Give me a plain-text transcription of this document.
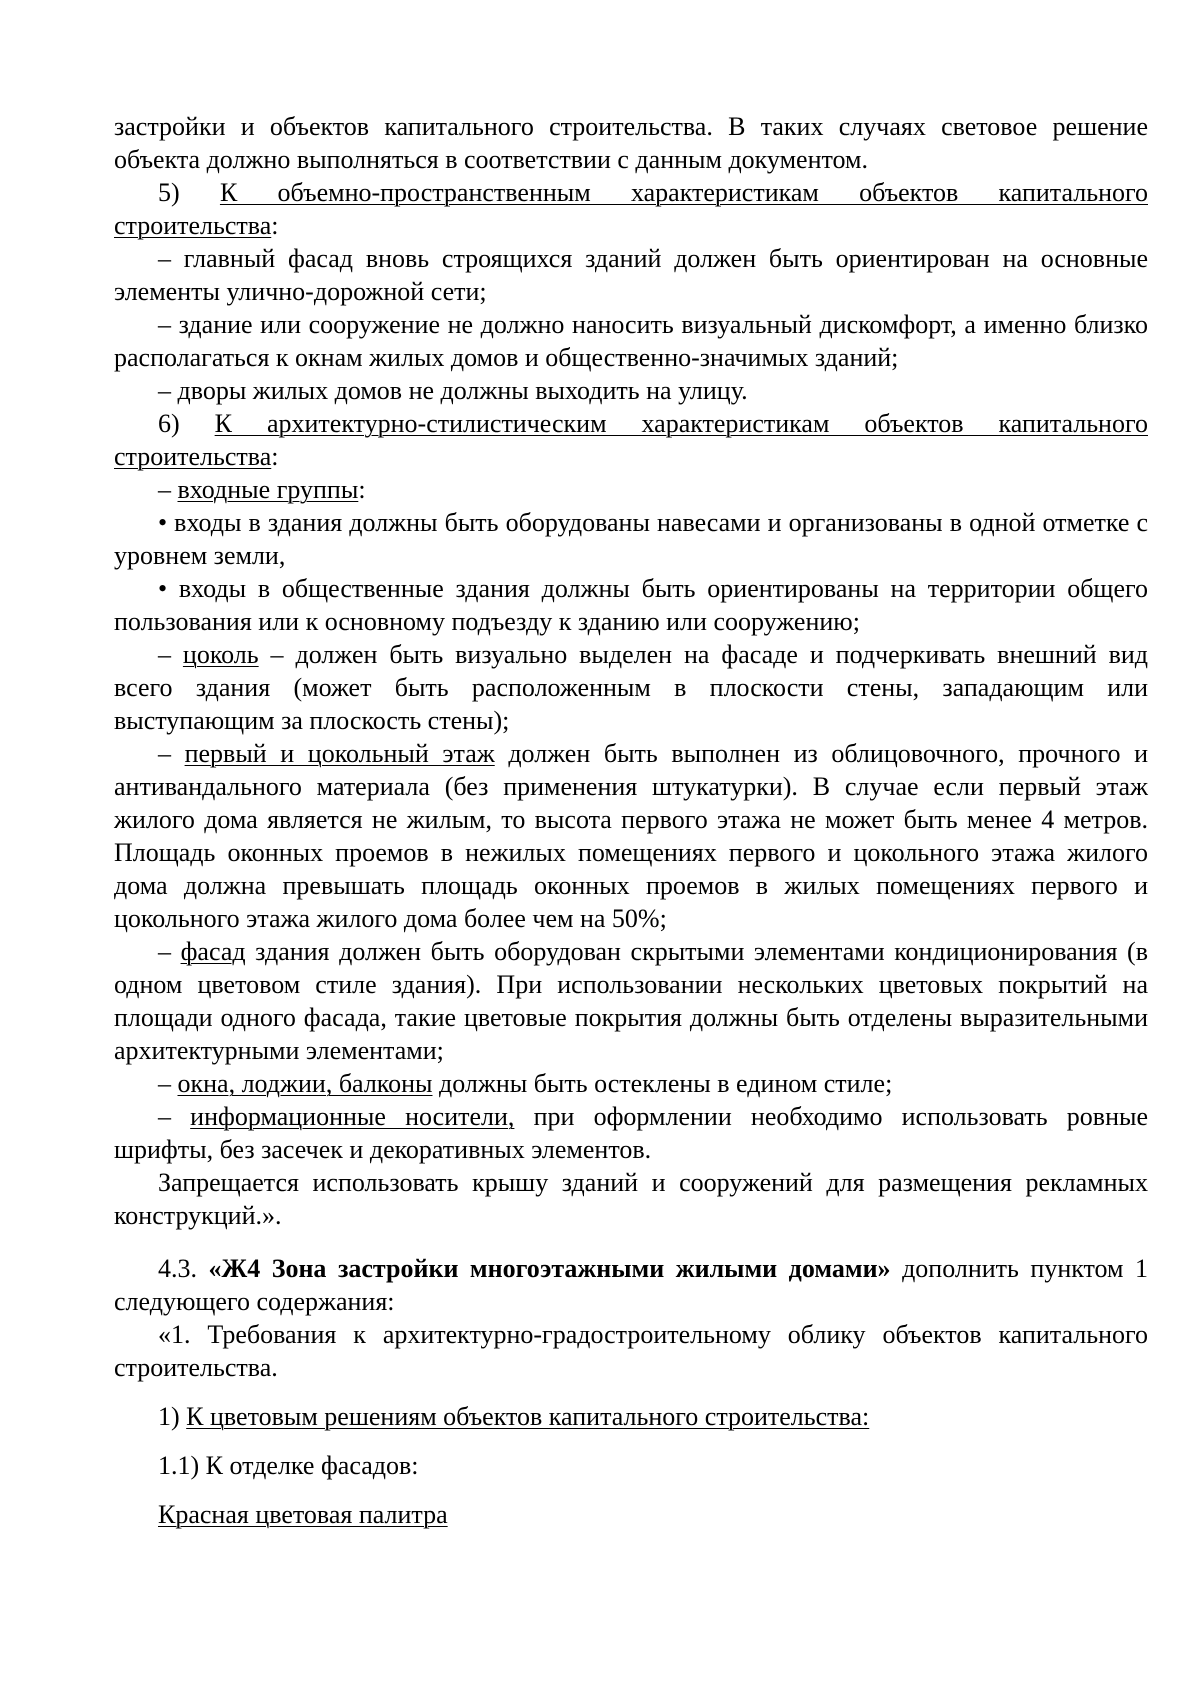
застройки и объектов капитального строительства. В таких случаях световое решение объекта должно выполняться в соответствии с данным документом.

5) К объемно-пространственным характеристикам объектов капитального строительства:

– главный фасад вновь строящихся зданий должен быть ориентирован на основные элементы улично-дорожной сети;

– здание или сооружение не должно наносить визуальный дискомфорт, а именно близко располагаться к окнам жилых домов и общественно-значимых зданий;

– дворы жилых домов не должны выходить на улицу.

6) К архитектурно-стилистическим характеристикам объектов капитального строительства:

– входные группы:

• входы в здания должны быть оборудованы навесами и организованы в одной отметке с уровнем земли,

• входы в общественные здания должны быть ориентированы на территории общего пользования или к основному подъезду к зданию или сооружению;

– цоколь – должен быть визуально выделен на фасаде и подчеркивать внешний вид всего здания (может быть расположенным в плоскости стены, западающим или выступающим за плоскость стены);

– первый и цокольный этаж должен быть выполнен из облицовочного, прочного и антивандального материала (без применения штукатурки). В случае если первый этаж жилого дома является не жилым, то высота первого этажа не может быть менее 4 метров. Площадь оконных проемов в нежилых помещениях первого и цокольного этажа жилого дома должна превышать площадь оконных проемов в жилых помещениях первого и цокольного этажа жилого дома более чем на 50%;

– фасад здания должен быть оборудован скрытыми элементами кондиционирования (в одном цветовом стиле здания). При использовании нескольких цветовых покрытий на площади одного фасада, такие цветовые покрытия должны быть отделены выразительными архитектурными элементами;

– окна, лоджии, балконы должны быть остеклены в едином стиле;

– информационные носители, при оформлении необходимо использовать ровные шрифты, без засечек и декоративных элементов.

Запрещается использовать крышу зданий и сооружений для размещения рекламных конструкций.».

4.3. «Ж4 Зона застройки многоэтажными жилыми домами» дополнить пунктом 1 следующего содержания:

«1. Требования к архитектурно-градостроительному облику объектов капитального строительства.

1) К цветовым решениям объектов капитального строительства:

1.1) К отделке фасадов:

Красная цветовая палитра
